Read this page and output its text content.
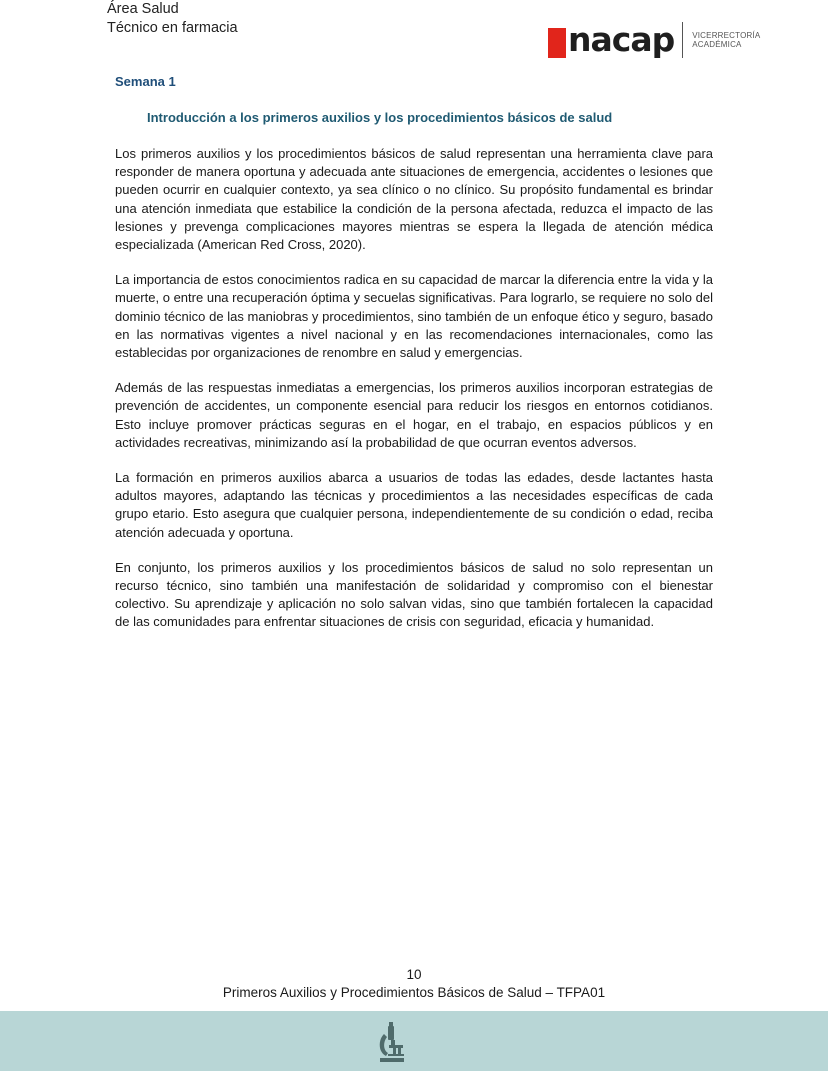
Área Salud
Técnico en farmacia	nacap VICERRECTORÍA
ACADÉMICA
Semana 1
Introducción a los primeros auxilios y los procedimientos básicos de salud

Los primeros auxilios y los procedimientos básicos de salud representan una herramienta clave para responder de manera oportuna y adecuada ante situaciones de emergencia, accidentes o lesiones que pueden ocurrir en cualquier contexto, ya sea clínico o no clínico. Su propósito fundamental es brindar una atención inmediata que estabilice la condición de la persona afectada, reduzca el impacto de las lesiones y prevenga complicaciones mayores mientras se espera la llegada de atención médica especializada (American Red Cross, 2020).

La importancia de estos conocimientos radica en su capacidad de marcar la diferencia entre la vida y la muerte, o entre una recuperación óptima y secuelas significativas. Para lograrlo, se requiere no solo del dominio técnico de las maniobras y procedimientos, sino también de un enfoque ético y seguro, basado en las normativas vigentes a nivel nacional y en las recomendaciones internacionales, como las establecidas por organizaciones de renombre en salud y emergencias.

Además de las respuestas inmediatas a emergencias, los primeros auxilios incorporan estrategias de prevención de accidentes, un componente esencial para reducir los riesgos en entornos cotidianos. Esto incluye promover prácticas seguras en el hogar, en el trabajo, en espacios públicos y en actividades recreativas, minimizando así la probabilidad de que ocurran eventos adversos.

La formación en primeros auxilios abarca a usuarios de todas las edades, desde lactantes hasta adultos mayores, adaptando las técnicas y procedimientos a las necesidades específicas de cada grupo etario. Esto asegura que cualquier persona, independientemente de su condición o edad, reciba atención adecuada y oportuna.

En conjunto, los primeros auxilios y los procedimientos básicos de salud no solo representan un recurso técnico, sino también una manifestación de solidaridad y compromiso con el bienestar colectivo. Su aprendizaje y aplicación no solo salvan vidas, sino que también fortalecen la capacidad de las comunidades para enfrentar situaciones de crisis con seguridad, eficacia y humanidad.

10
Primeros Auxilios y Procedimientos Básicos de Salud – TFPA01
